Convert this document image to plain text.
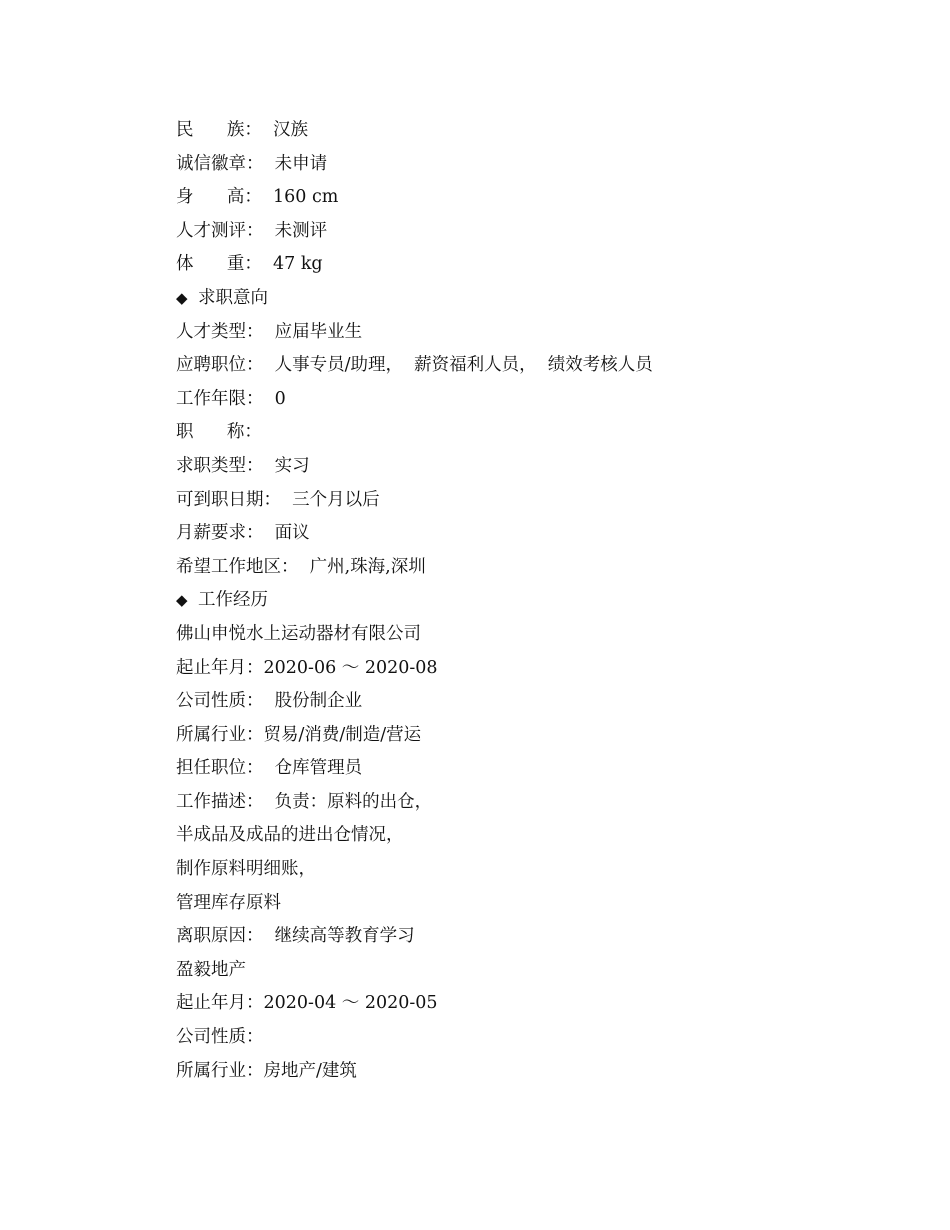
民      族：  汉族
诚信徽章：  未申请
身      高：  160 cm
人才测评：  未测评
体      重：  47 kg
◆ 求职意向
人才类型：  应届毕业生
应聘职位：  人事专员/助理，  薪资福利人员，  绩效考核人员
工作年限：  0
职      称：
求职类型：  实习
可到职日期：  三个月以后
月薪要求：  面议
希望工作地区：  广州,珠海,深圳
◆ 工作经历
佛山申悦水上运动器材有限公司
起止年月：2020-06 ～ 2020-08
公司性质：  股份制企业
所属行业：贸易/消费/制造/营运
担任职位：  仓库管理员
工作描述：  负责：原料的出仓，
半成品及成品的进出仓情况，
制作原料明细账，
管理库存原料
离职原因：  继续高等教育学习
盈毅地产
起止年月：2020-04 ～ 2020-05
公司性质：
所属行业：房地产/建筑
